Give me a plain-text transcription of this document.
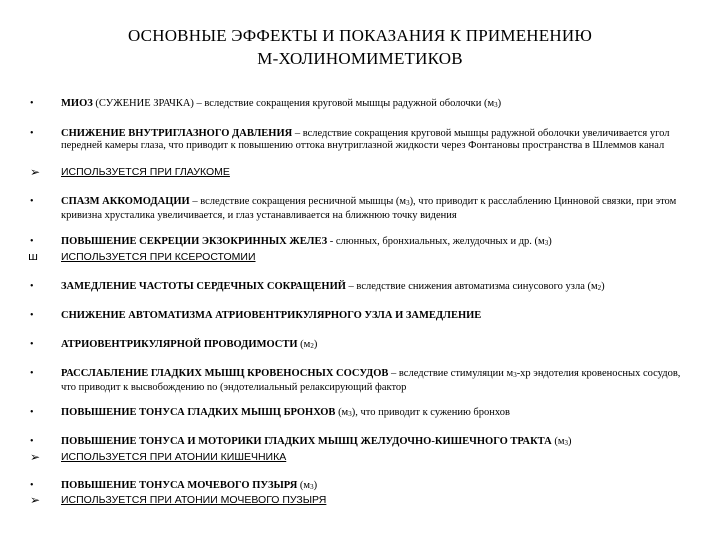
ОСНОВНЫЕ ЭФФЕКТЫ И ПОКАЗАНИЯ К ПРИМЕНЕНИЮ
М-ХОЛИНОМИМЕТИКОВ
•	МИОЗ (СУЖЕНИЕ ЗРАЧКА) – вследствие сокращения круговой мышцы радужной оболочки $(м_3)$
•	СНИЖЕНИЕ ВНУТРИГЛАЗНОГО ДАВЛЕНИЯ – вследствие сокращения круговой мышцы радужной оболочки увеличивается угол передней камеры глаза, что приводит к повышению оттока внутриглазной жидкости через Фонтановы пространства в Шлеммов канал
➢	ИСПОЛЬЗУЕТСЯ ПРИ ГЛАУКОМЕ
•	СПАЗМ АККОМОДАЦИИ – вследствие сокращения ресничной мышцы $(м_3)$, что приводит к расслаблению Цинновой связки, при этом кривизна хрусталика увеличивается, и глаз устанавливается на ближнюю точку видения
•	ПОВЫШЕНИЕ СЕКРЕЦИИ ЭКЗОКРИННЫХ ЖЕЛЕЗ - слюнных, бронхиальных, желудочных и др. $(м_3)$
ш	ИСПОЛЬЗУЕТСЯ ПРИ КСЕРОСТОМИИ
•	ЗАМЕДЛЕНИЕ ЧАСТОТЫ СЕРДЕЧНЫХ СОКРАЩЕНИЙ – вследствие снижения автоматизма синусового узла $(м_2)$
•	СНИЖЕНИЕ АВТОМАТИЗМА АТРИОВЕНТРИКУЛЯРНОГО УЗЛА И ЗАМЕДЛЕНИЕ
•	АТРИОВЕНТРИКУЛЯРНОЙ ПРОВОДИМОСТИ $(м_2)$
•	РАССЛАБЛЕНИЕ ГЛАДКИХ МЫШЦ КРОВЕНОСНЫХ СОСУДОВ – вследствие стимуляции $м_3-хр$ эндотелия кровеносных сосудов, что приводит к высвобождению no (эндотелиальный релаксирующий фактор
•	ПОВЫШЕНИЕ ТОНУСА ГЛАДКИХ МЫШЦ БРОНХОВ $(м_3)$, что приводит к сужению бронхов
•	ПОВЫШЕНИЕ ТОНУСА И МОТОРИКИ ГЛАДКИХ МЫШЦ ЖЕЛУДОЧНО-КИШЕЧНОГО ТРАКТА $(м_3)$
➢	ИСПОЛЬЗУЕТСЯ ПРИ АТОНИИ КИШЕЧНИКА
•	ПОВЫШЕНИЕ ТОНУСА МОЧЕВОГО ПУЗЫРЯ $(м_3)$
➢	ИСПОЛЬЗУЕТСЯ ПРИ АТОНИИ МОЧЕВОГО ПУЗЫРЯ
